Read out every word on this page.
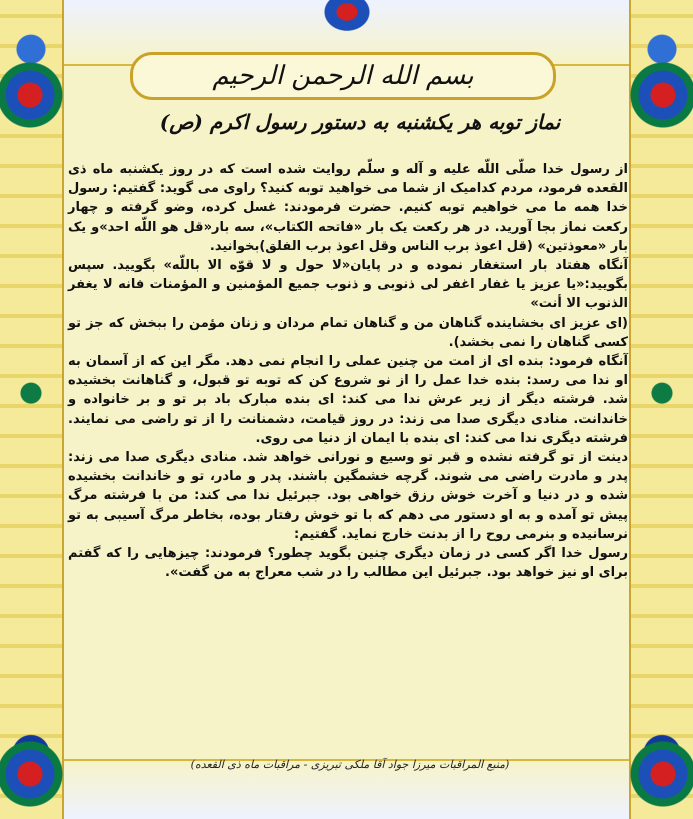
بسم الله الرحمن الرحیم
نماز توبه هر یکشنبه به دستور رسول اکرم (ص)

از رسول خدا صلّی اللّه علیه و آله و سلّم روایت شده است که در روز یکشنبه ماه ذی القعده فرمود، مردم کدامیک از شما می خواهید توبه کنید؟ راوی می گوید: گفتیم: رسول خدا همه ما می خواهیم توبه کنیم. حضرت فرمودند: غسل کرده، وضو گرفته و چهار رکعت نماز بجا آورید. در هر رکعت یک بار «فاتحه الکتاب»، سه بار«قل هو اللّه احد»و یک بار «معوذتین» (قل اعوذ برب الناس وقل اعوذ برب الفلق)بخوانید.

آنگاه هفتاد بار استغفار نموده و در پایان«لا حول و لا قوّه الا باللّه» بگویید. سپس بگویید:«یا عزیز یا غفار اغفر لی ذنوبی و ذنوب جمیع المؤمنین و المؤمنات فانه لا یغفر الذنوب الا أنت»

(ای عزیز ای بخشاینده گناهان من و گناهان تمام مردان و زنان مؤمن را ببخش که جز تو کسی گناهان را نمی بخشد).

آنگاه فرمود: بنده ای از امت من چنین عملی را انجام نمی دهد. مگر این که از آسمان به او ندا می رسد: بنده خدا عمل را از نو شروع کن که توبه تو قبول، و گناهانت بخشیده شد. فرشته دیگر از زیر عرش ندا می کند: ای بنده مبارک باد بر تو و بر خانواده و خاندانت. منادی دیگری صدا می زند: در روز قیامت، دشمنانت را از تو راضی می نمایند. فرشته دیگری ندا می کند: ای بنده با ایمان از دنیا می روی.

دینت از تو گرفته نشده و قبر تو وسیع و نورانی خواهد شد. منادی دیگری صدا می زند: پدر و مادرت راضی می شوند. گرچه خشمگین باشند. پدر و مادر، تو و خاندانت بخشیده شده و در دنیا و آخرت خوش رزق خواهی بود. جبرئیل ندا می کند: من با فرشته مرگ پیش تو آمده و به او دستور می دهم که با تو خوش رفتار بوده، بخاطر مرگ آسیبی به تو نرسانیده و بنرمی روح را از بدنت خارج نماید. گفتیم:

رسول خدا اگر کسی در زمان دیگری چنین بگوید چطور؟ فرمودند: چیزهایی را که گفتم برای او نیز خواهد بود. جبرئیل این مطالب را در شب معراج به من گفت».

(منبع المراقبات میرزا جواد آقا ملکی تبریزی - مراقبات ماه ذی القعده)
